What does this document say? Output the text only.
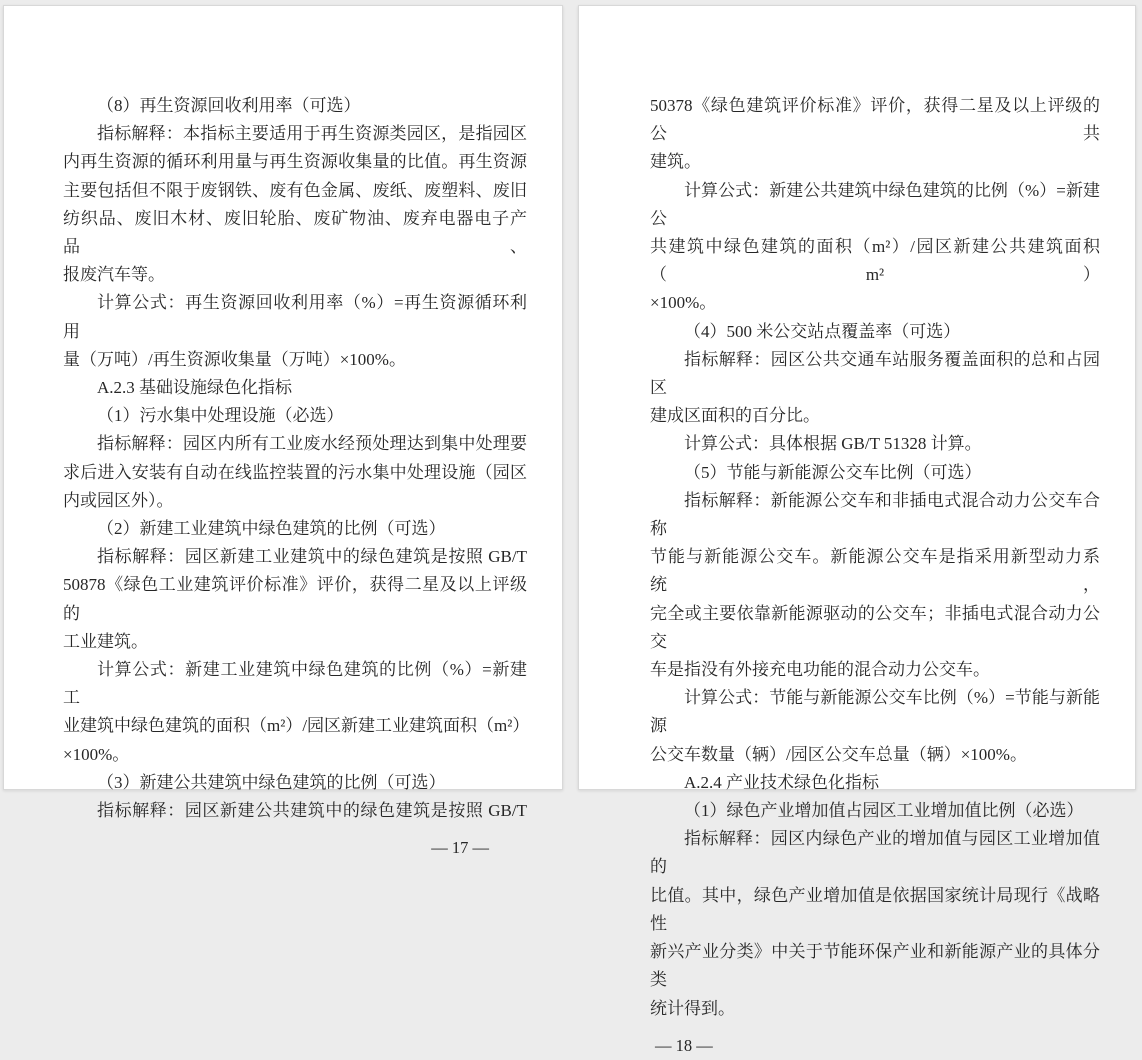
（8）再生资源回收利用率（可选）
指标解释：本指标主要适用于再生资源类园区，是指园区
内再生资源的循环利用量与再生资源收集量的比值。再生资源
主要包括但不限于废钢铁、废有色金属、废纸、废塑料、废旧
纺织品、废旧木材、废旧轮胎、废矿物油、废弃电器电子产品、
报废汽车等。
计算公式：再生资源回收利用率（%）=再生资源循环利用
量（万吨）/再生资源收集量（万吨）×100%。
A.2.3 基础设施绿色化指标
（1）污水集中处理设施（必选）
指标解释：园区内所有工业废水经预处理达到集中处理要
求后进入安装有自动在线监控装置的污水集中处理设施（园区
内或园区外）。
（2）新建工业建筑中绿色建筑的比例（可选）
指标解释：园区新建工业建筑中的绿色建筑是按照 GB/T
50878《绿色工业建筑评价标准》评价，获得二星及以上评级的
工业建筑。
计算公式：新建工业建筑中绿色建筑的比例（%）=新建工
业建筑中绿色建筑的面积（m²）/园区新建工业建筑面积（m²）
×100%。
（3）新建公共建筑中绿色建筑的比例（可选）
指标解释：园区新建公共建筑中的绿色建筑是按照 GB/T
— 17 —
50378《绿色建筑评价标准》评价，获得二星及以上评级的公共
建筑。
计算公式：新建公共建筑中绿色建筑的比例（%）=新建公
共建筑中绿色建筑的面积（m²）/园区新建公共建筑面积（m²）
×100%。
（4）500 米公交站点覆盖率（可选）
指标解释：园区公共交通车站服务覆盖面积的总和占园区
建成区面积的百分比。
计算公式：具体根据 GB/T 51328 计算。
（5）节能与新能源公交车比例（可选）
指标解释：新能源公交车和非插电式混合动力公交车合称
节能与新能源公交车。新能源公交车是指采用新型动力系统，
完全或主要依靠新能源驱动的公交车；非插电式混合动力公交
车是指没有外接充电功能的混合动力公交车。
计算公式：节能与新能源公交车比例（%）=节能与新能源
公交车数量（辆）/园区公交车总量（辆）×100%。
A.2.4 产业技术绿色化指标
（1）绿色产业增加值占园区工业增加值比例（必选）
指标解释：园区内绿色产业的增加值与园区工业增加值的
比值。其中，绿色产业增加值是依据国家统计局现行《战略性
新兴产业分类》中关于节能环保产业和新能源产业的具体分类
统计得到。
— 18 —
